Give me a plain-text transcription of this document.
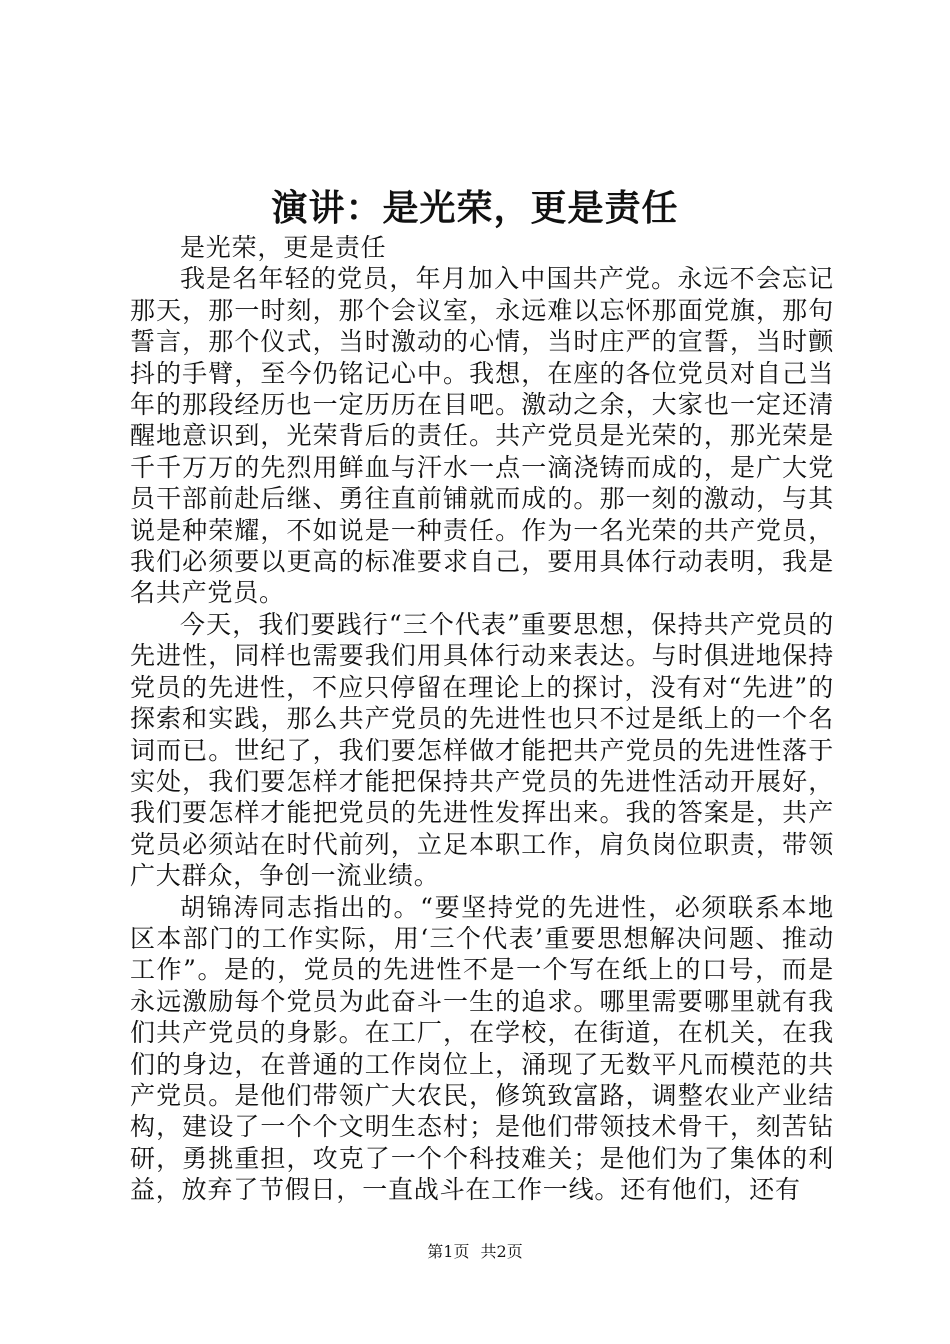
演讲：是光荣，更是责任

是光荣，更是责任

我是名年轻的党员，年月加入中国共产党。永远不会忘记那天，那一时刻，那个会议室，永远难以忘怀那面党旗，那句誓言，那个仪式，当时激动的心情，当时庄严的宣誓，当时颤抖的手臂，至今仍铭记心中。我想，在座的各位党员对自己当年的那段经历也一定历历在目吧。激动之余，大家也一定还清醒地意识到，光荣背后的责任。共产党员是光荣的，那光荣是千千万万的先烈用鲜血与汗水一点一滴浇铸而成的，是广大党员干部前赴后继、勇往直前铺就而成的。那一刻的激动，与其说是种荣耀，不如说是一种责任。作为一名光荣的共产党员，我们必须要以更高的标准要求自己，要用具体行动表明，我是名共产党员。

今天，我们要践行“三个代表”重要思想，保持共产党员的先进性，同样也需要我们用具体行动来表达。与时俱进地保持党员的先进性，不应只停留在理论上的探讨，没有对“先进”的探索和实践，那么共产党员的先进性也只不过是纸上的一个名词而已。世纪了，我们要怎样做才能把共产党员的先进性落于实处，我们要怎样才能把保持共产党员的先进性活动开展好，我们要怎样才能把党员的先进性发挥出来。我的答案是，共产党员必须站在时代前列，立足本职工作，肩负岗位职责，带领广大群众，争创一流业绩。

胡锦涛同志指出的。“要坚持党的先进性，必须联系本地区本部门的工作实际，用‘三个代表’重要思想解决问题、推动工作”。是的，党员的先进性不是一个写在纸上的口号，而是永远激励每个党员为此奋斗一生的追求。哪里需要哪里就有我们共产党员的身影。在工厂，在学校，在街道，在机关，在我们的身边，在普通的工作岗位上，涌现了无数平凡而模范的共产党员。是他们带领广大农民，修筑致富路，调整农业产业结构，建设了一个个文明生态村；是他们带领技术骨干，刻苦钻研，勇挑重担，攻克了一个个科技难关；是他们为了集体的利益，放弃了节假日，一直战斗在工作一线。还有他们，还有

第1页 共2页
